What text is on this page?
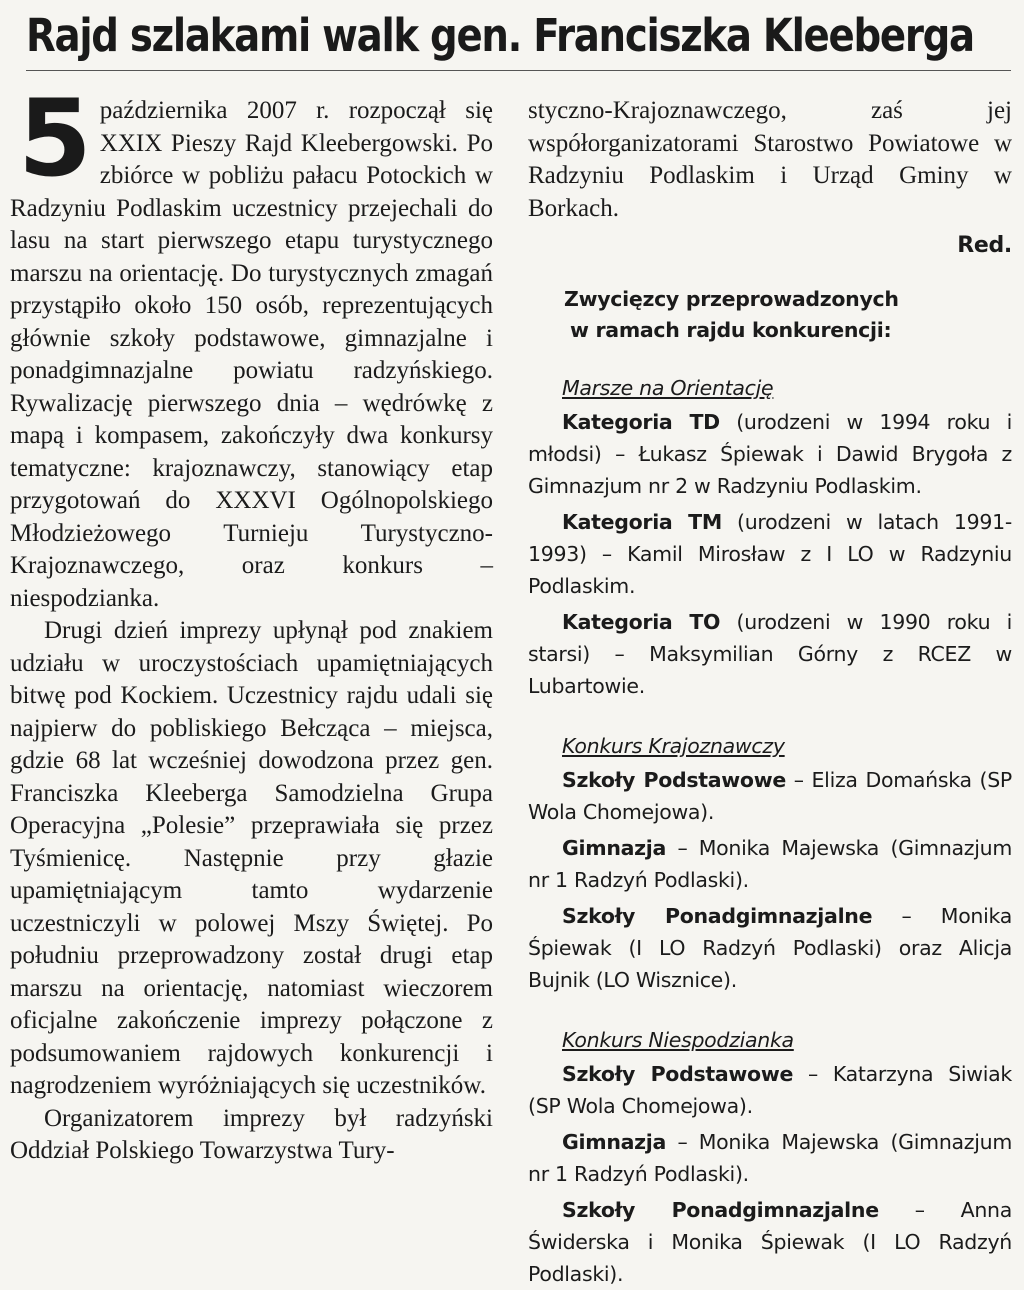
Rajd szlakami walk gen. Franciszka Kleeberga

5 października 2007 r. rozpoczął się XXIX Pieszy Rajd Kleebergowski. Po zbiórce w pobliżu pałacu Potockich w Radzyniu Podlaskim uczestnicy przejechali do lasu na start pierwszego etapu turystycznego marszu na orientację. Do turystycznych zmagań przystąpiło około 150 osób, reprezentujących głównie szkoły podstawowe, gimnazjalne i ponadgimnazjalne powiatu radzyńskiego. Rywalizację pierwszego dnia – wędrówkę z mapą i kompasem, zakończyły dwa konkursy tematyczne: krajoznawczy, stanowiący etap przygotowań do XXXVI Ogólnopolskiego Młodzieżowego Turnieju Turystyczno-Krajoznawczego, oraz konkurs – niespodzianka.

Drugi dzień imprezy upłynął pod znakiem udziału w uroczystościach upamiętniających bitwę pod Kockiem. Uczestnicy rajdu udali się najpierw do pobliskiego Bełcząca – miejsca, gdzie 68 lat wcześniej dowodzona przez gen. Franciszka Kleeberga Samodzielna Grupa Operacyjna „Polesie” przeprawiała się przez Tyśmienicę. Następnie przy głazie upamiętniającym tamto wydarzenie uczestniczyli w polowej Mszy Świętej. Po południu przeprowadzony został drugi etap marszu na orientację, natomiast wieczorem oficjalne zakończenie imprezy połączone z podsumowaniem rajdowych konkurencji i nagrodzeniem wyróżniających się uczestników.

Organizatorem imprezy był radzyński Oddział Polskiego Towarzystwa Tury-

styczno-Krajoznawczego, zaś jej współorganizatorami Starostwo Powiatowe w Radzyniu Podlaskim i Urząd Gminy w Borkach.

Red.

Zwycięzcy przeprowadzonych
w ramach rajdu konkurencji:
Marsze na Orientację

Kategoria TD (urodzeni w 1994 roku i młodsi) – Łukasz Śpiewak i Dawid Brygoła z Gimnazjum nr 2 w Radzyniu Podlaskim.

Kategoria TM (urodzeni w latach 1991-1993) – Kamil Mirosław z I LO w Radzyniu Podlaskim.

Kategoria TO (urodzeni w 1990 roku i starsi) – Maksymilian Górny z RCEZ w Lubartowie.

Konkurs Krajoznawczy

Szkoły Podstawowe – Eliza Domańska (SP Wola Chomejowa).

Gimnazja – Monika Majewska (Gimnazjum nr 1 Radzyń Podlaski).

Szkoły Ponadgimnazjalne – Monika Śpiewak (I LO Radzyń Podlaski) oraz Alicja Bujnik (LO Wisznice).

Konkurs Niespodzianka

Szkoły Podstawowe – Katarzyna Siwiak (SP Wola Chomejowa).

Gimnazja – Monika Majewska (Gimnazjum nr 1 Radzyń Podlaski).

Szkoły Ponadgimnazjalne – Anna Świderska i Monika Śpiewak (I LO Radzyń Podlaski).
